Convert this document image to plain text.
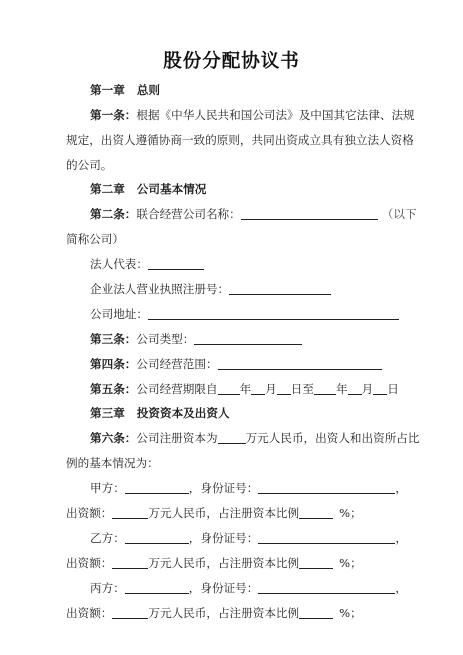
股份分配协议书
第一章 总则
第一条：根据《中华人民共和国公司法》及中国其它法律、法规
规定，出资人遵循协商一致的原则，共同出资成立具有独立法人资格
的公司。
第二章 公司基本情况
第二条：联合经营公司名称：	（以下
简称公司）
法人代表：
企业法人营业执照注册号：
公司地址：
第三条：公司类型：
第四条：公司经营范围：
第五条：公司经营期限自 年 月 日至 年 月 日
第三章 投资资本及出资人
第六条：公司注册资本为 万元人民币，出资人和出资所占比
例的基本情况为：
甲方：	，身份证号：	，
出资额：	万元人民币，占注册资本比例	%；
乙方：	，身份证号：	，
出资额：	万元人民币，占注册资本比例	%；
丙方：	，身份证号：	，
出资额：	万元人民币，占注册资本比例	%；
